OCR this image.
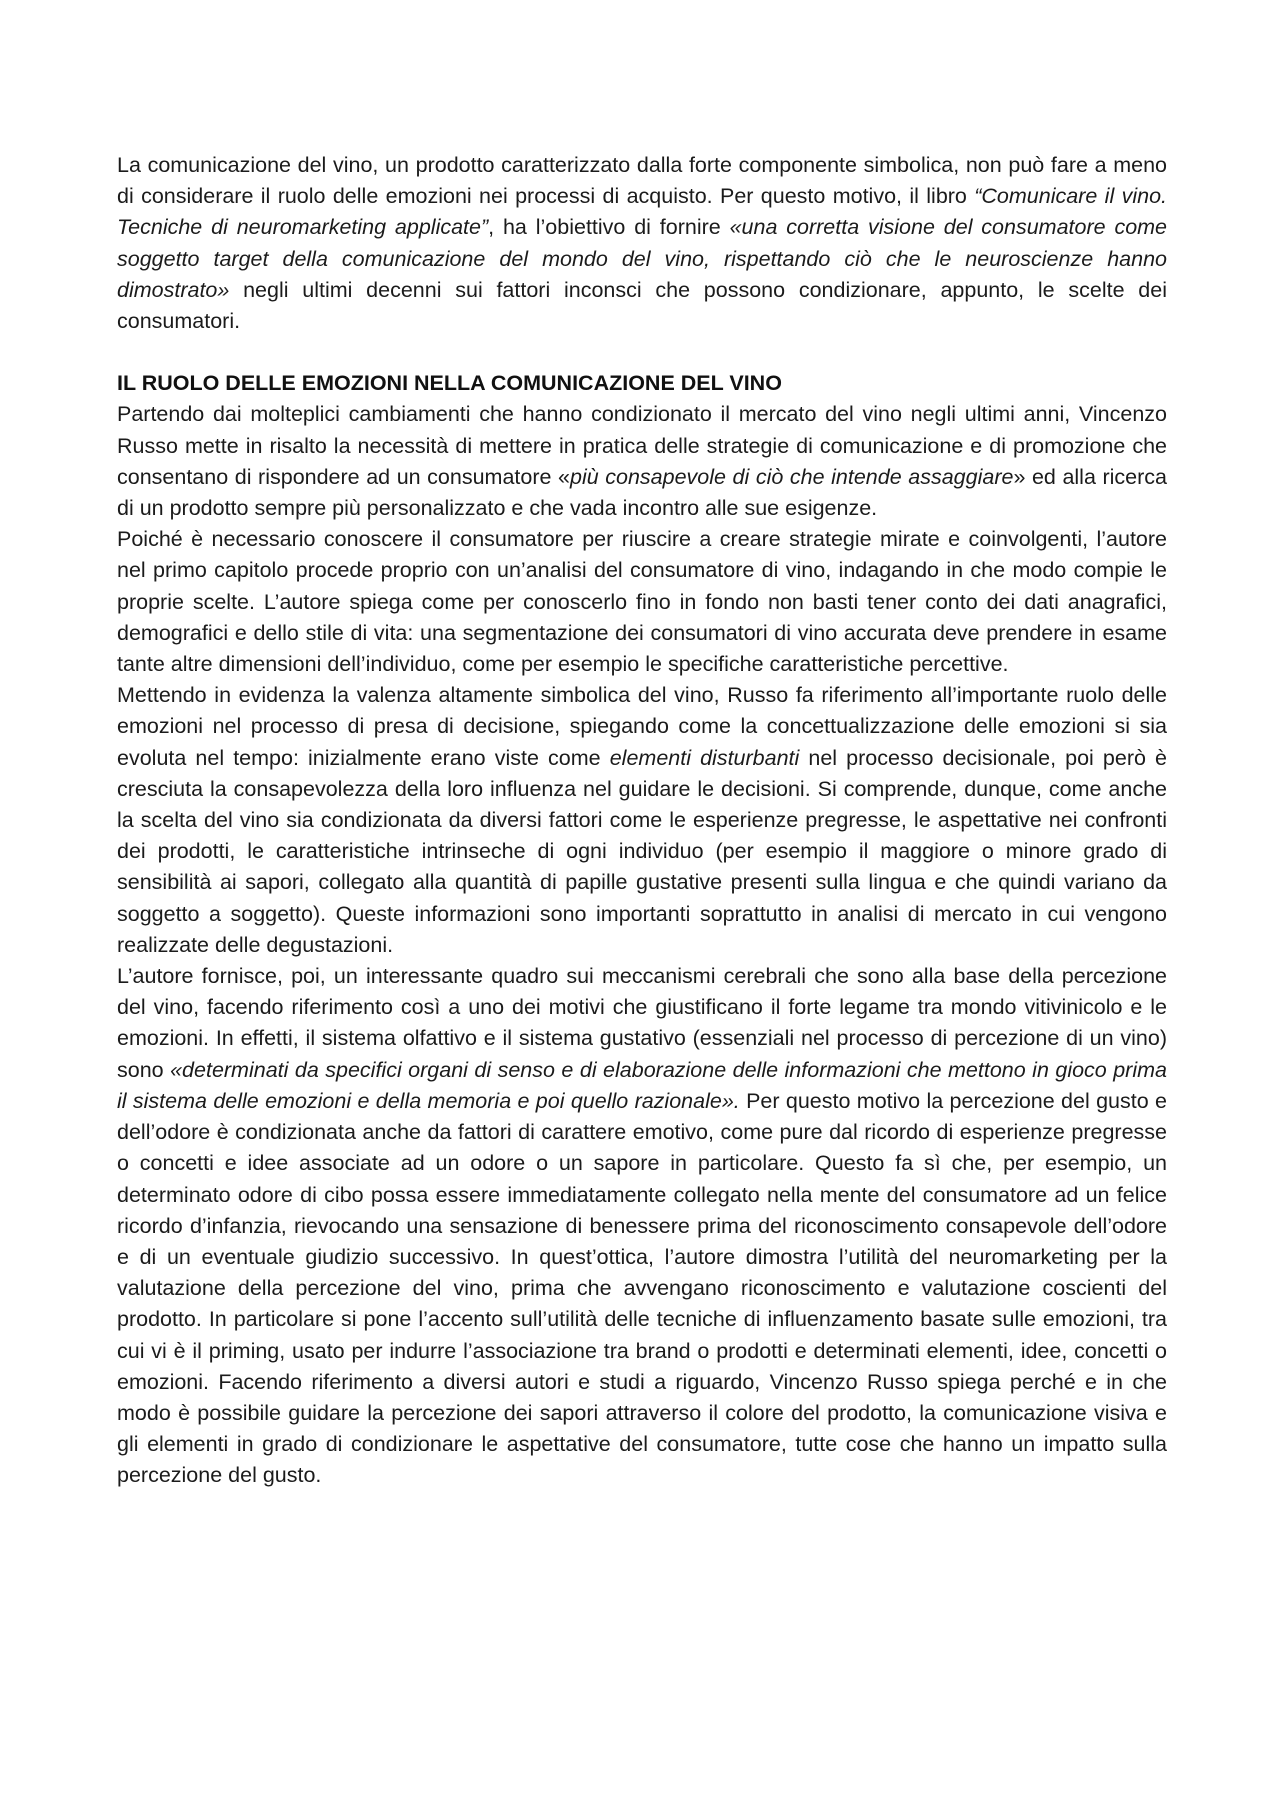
La comunicazione del vino, un prodotto caratterizzato dalla forte componente simbolica, non può fare a meno di considerare il ruolo delle emozioni nei processi di acquisto. Per questo motivo, il libro “Comunicare il vino. Tecniche di neuromarketing applicate”, ha l’obiettivo di fornire «una corretta visione del consumatore come soggetto target della comunicazione del mondo del vino, rispettando ciò che le neuroscienze hanno dimostrato» negli ultimi decenni sui fattori inconsci che possono condizionare, appunto, le scelte dei consumatori.

IL RUOLO DELLE EMOZIONI NELLA COMUNICAZIONE DEL VINO

Partendo dai molteplici cambiamenti che hanno condizionato il mercato del vino negli ultimi anni, Vincenzo Russo mette in risalto la necessità di mettere in pratica delle strategie di comunicazione e di promozione che consentano di rispondere ad un consumatore «più consapevole di ciò che intende assaggiare» ed alla ricerca di un prodotto sempre più personalizzato e che vada incontro alle sue esigenze.

Poiché è necessario conoscere il consumatore per riuscire a creare strategie mirate e coinvolgenti, l’autore nel primo capitolo procede proprio con un’analisi del consumatore di vino, indagando in che modo compie le proprie scelte. L’autore spiega come per conoscerlo fino in fondo non basti tener conto dei dati anagrafici, demografici e dello stile di vita: una segmentazione dei consumatori di vino accurata deve prendere in esame tante altre dimensioni dell’individuo, come per esempio le specifiche caratteristiche percettive.

Mettendo in evidenza la valenza altamente simbolica del vino, Russo fa riferimento all’importante ruolo delle emozioni nel processo di presa di decisione, spiegando come la concettualizzazione delle emozioni si sia evoluta nel tempo: inizialmente erano viste come elementi disturbanti nel processo decisionale, poi però è cresciuta la consapevolezza della loro influenza nel guidare le decisioni. Si comprende, dunque, come anche la scelta del vino sia condizionata da diversi fattori come le esperienze pregresse, le aspettative nei confronti dei prodotti, le caratteristiche intrinseche di ogni individuo (per esempio il maggiore o minore grado di sensibilità ai sapori, collegato alla quantità di papille gustative presenti sulla lingua e che quindi variano da soggetto a soggetto). Queste informazioni sono importanti soprattutto in analisi di mercato in cui vengono realizzate delle degustazioni.

L’autore fornisce, poi, un interessante quadro sui meccanismi cerebrali che sono alla base della percezione del vino, facendo riferimento così a uno dei motivi che giustificano il forte legame tra mondo vitivinicolo e le emozioni. In effetti, il sistema olfattivo e il sistema gustativo (essenziali nel processo di percezione di un vino) sono «determinati da specifici organi di senso e di elaborazione delle informazioni che mettono in gioco prima il sistema delle emozioni e della memoria e poi quello razionale». Per questo motivo la percezione del gusto e dell’odore è condizionata anche da fattori di carattere emotivo, come pure dal ricordo di esperienze pregresse o concetti e idee associate ad un odore o un sapore in particolare. Questo fa sì che, per esempio, un determinato odore di cibo possa essere immediatamente collegato nella mente del consumatore ad un felice ricordo d’infanzia, rievocando una sensazione di benessere prima del riconoscimento consapevole dell’odore e di un eventuale giudizio successivo. In quest’ottica, l’autore dimostra l’utilità del neuromarketing per la valutazione della percezione del vino, prima che avvengano riconoscimento e valutazione coscienti del prodotto. In particolare si pone l’accento sull’utilità delle tecniche di influenzamento basate sulle emozioni, tra cui vi è il priming, usato per indurre l’associazione tra brand o prodotti e determinati elementi, idee, concetti o emozioni. Facendo riferimento a diversi autori e studi a riguardo, Vincenzo Russo spiega perché e in che modo è possibile guidare la percezione dei sapori attraverso il colore del prodotto, la comunicazione visiva e gli elementi in grado di condizionare le aspettative del consumatore, tutte cose che hanno un impatto sulla percezione del gusto.
